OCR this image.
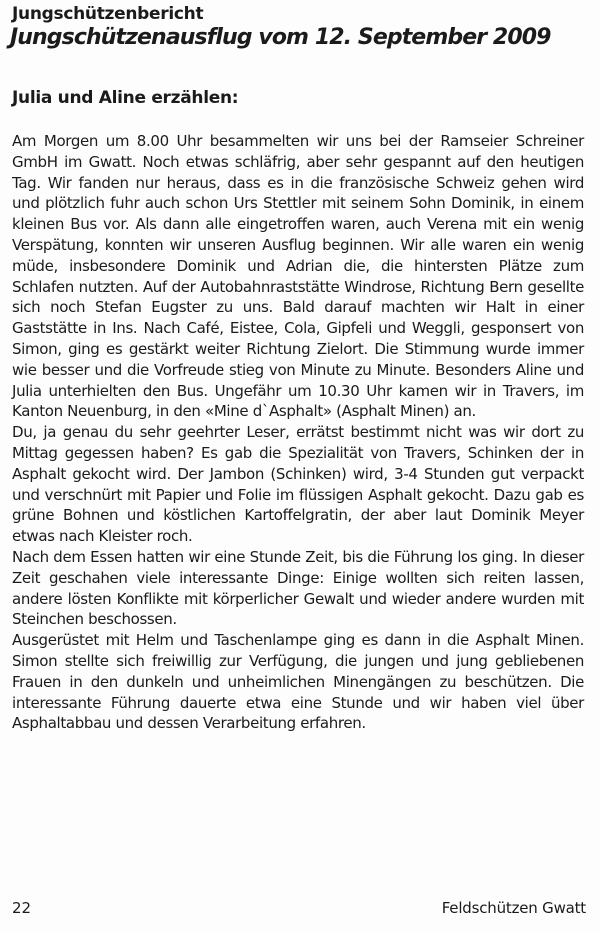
Jungschützenbericht
Jungschützenausflug vom 12. September 2009
Julia und Aline erzählen:

Am Morgen um 8.00 Uhr besammelten wir uns bei der Ramseier Schreiner GmbH im Gwatt. Noch etwas schläfrig, aber sehr gespannt auf den heutigen Tag. Wir fanden nur heraus, dass es in die französische Schweiz gehen wird und plötzlich fuhr auch schon Urs Stettler mit seinem Sohn Dominik, in einem kleinen Bus vor. Als dann alle eingetroffen waren, auch Verena mit ein wenig Verspätung, konnten wir unseren Ausflug beginnen. Wir alle waren ein wenig müde, insbesondere Dominik und Adrian die, die hintersten Plätze zum Schlafen nutzten. Auf der Autobahnraststätte Windrose, Richtung Bern gesellte sich noch Stefan Eugster zu uns. Bald darauf machten wir Halt in einer Gaststätte in Ins. Nach Café, Eistee, Cola, Gipfeli und Weggli, gesponsert von Simon, ging es gestärkt weiter Richtung Zielort. Die Stimmung wurde immer wie besser und die Vorfreude stieg von Minute zu Minute. Besonders Aline und Julia unterhielten den Bus. Ungefähr um 10.30 Uhr kamen wir in Travers, im Kanton Neuenburg, in den «Mine d`Asphalt» (Asphalt Minen) an.

Du, ja genau du sehr geehrter Leser, errätst bestimmt nicht was wir dort zu Mittag gegessen haben? Es gab die Spezialität von Travers, Schinken der in Asphalt gekocht wird. Der Jambon (Schinken) wird, 3-4 Stunden gut verpackt und verschnürt mit Papier und Folie im flüssigen Asphalt gekocht. Dazu gab es grüne Bohnen und köstlichen Kartoffelgratin, der aber laut Dominik Meyer etwas nach Kleister roch.

Nach dem Essen hatten wir eine Stunde Zeit, bis die Führung los ging. In dieser Zeit geschahen viele interessante Dinge: Einige wollten sich reiten lassen, andere lösten Konflikte mit körperlicher Gewalt und wieder andere wurden mit Steinchen beschossen.

Ausgerüstet mit Helm und Taschenlampe ging es dann in die Asphalt Minen. Simon stellte sich freiwillig zur Verfügung, die jungen und jung gebliebenen Frauen in den dunkeln und unheimlichen Minengängen zu beschützen. Die interessante Führung dauerte etwa eine Stunde und wir haben viel über Asphaltabbau und dessen Verarbeitung erfahren.

22	Feldschützen Gwatt
